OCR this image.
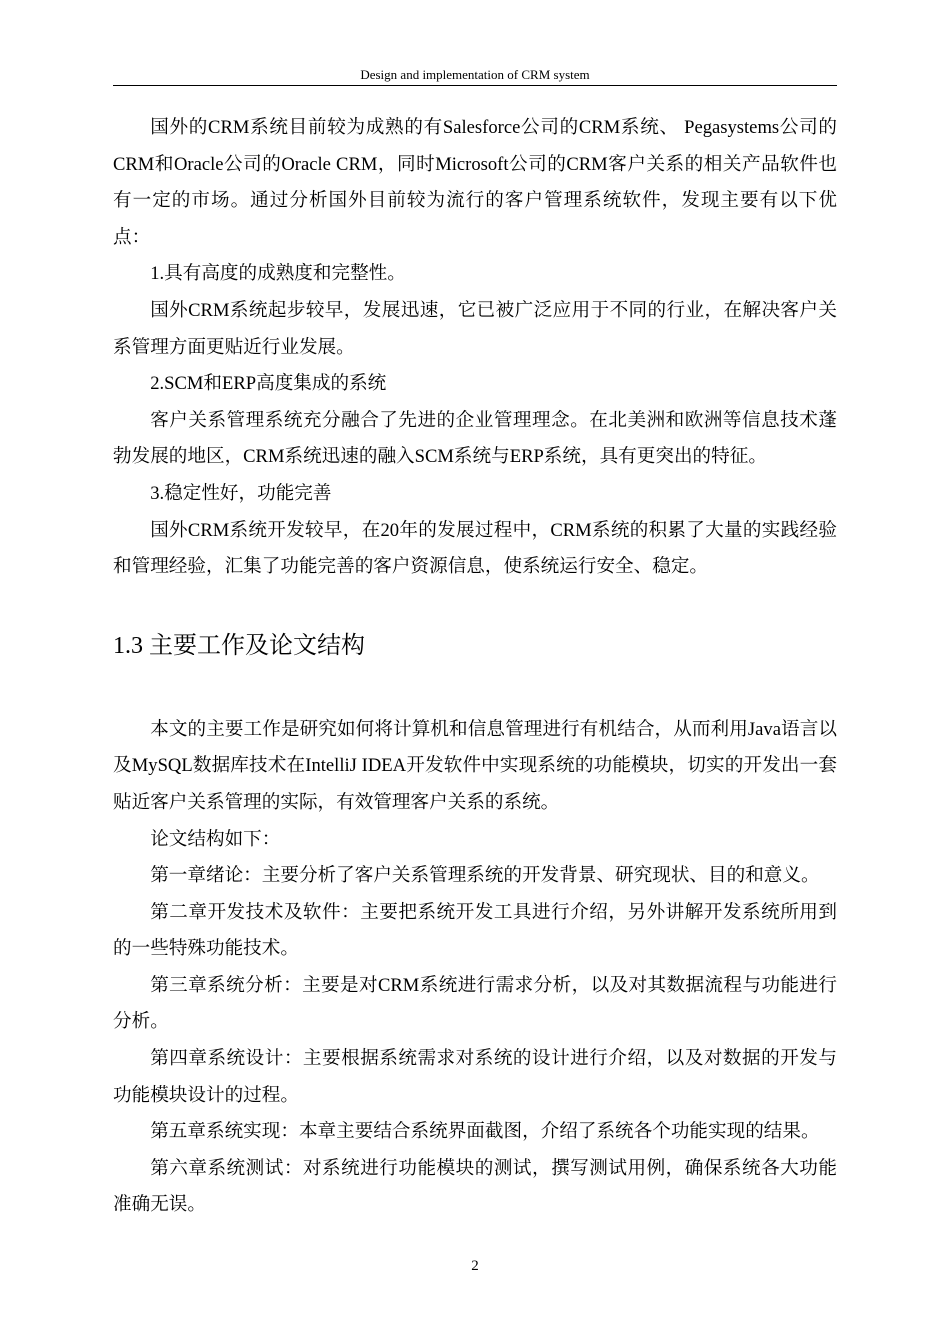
Design and implementation of CRM system

国外的CRM系统目前较为成熟的有Salesforce公司的CRM系统、 Pegasystems公司的CRM和Oracle公司的Oracle CRM，同时Microsoft公司的CRM客户关系的相关产品软件也有一定的市场。通过分析国外目前较为流行的客户管理系统软件，发现主要有以下优点：

1.具有高度的成熟度和完整性。

国外CRM系统起步较早，发展迅速，它已被广泛应用于不同的行业，在解决客户关系管理方面更贴近行业发展。

2.SCM和ERP高度集成的系统

客户关系管理系统充分融合了先进的企业管理理念。在北美洲和欧洲等信息技术蓬勃发展的地区，CRM系统迅速的融入SCM系统与ERP系统，具有更突出的特征。

3.稳定性好，功能完善

国外CRM系统开发较早，在20年的发展过程中，CRM系统的积累了大量的实践经验和管理经验，汇集了功能完善的客户资源信息，使系统运行安全、稳定。

1.3 主要工作及论文结构

本文的主要工作是研究如何将计算机和信息管理进行有机结合，从而利用Java语言以及MySQL数据库技术在IntelliJ IDEA开发软件中实现系统的功能模块，切实的开发出一套贴近客户关系管理的实际，有效管理客户关系的系统。

论文结构如下：

第一章绪论：主要分析了客户关系管理系统的开发背景、研究现状、目的和意义。

第二章开发技术及软件：主要把系统开发工具进行介绍，另外讲解开发系统所用到的一些特殊功能技术。

第三章系统分析：主要是对CRM系统进行需求分析，以及对其数据流程与功能进行分析。

第四章系统设计：主要根据系统需求对系统的设计进行介绍，以及对数据的开发与功能模块设计的过程。

第五章系统实现：本章主要结合系统界面截图，介绍了系统各个功能实现的结果。

第六章系统测试：对系统进行功能模块的测试，撰写测试用例，确保系统各大功能准确无误。

2
